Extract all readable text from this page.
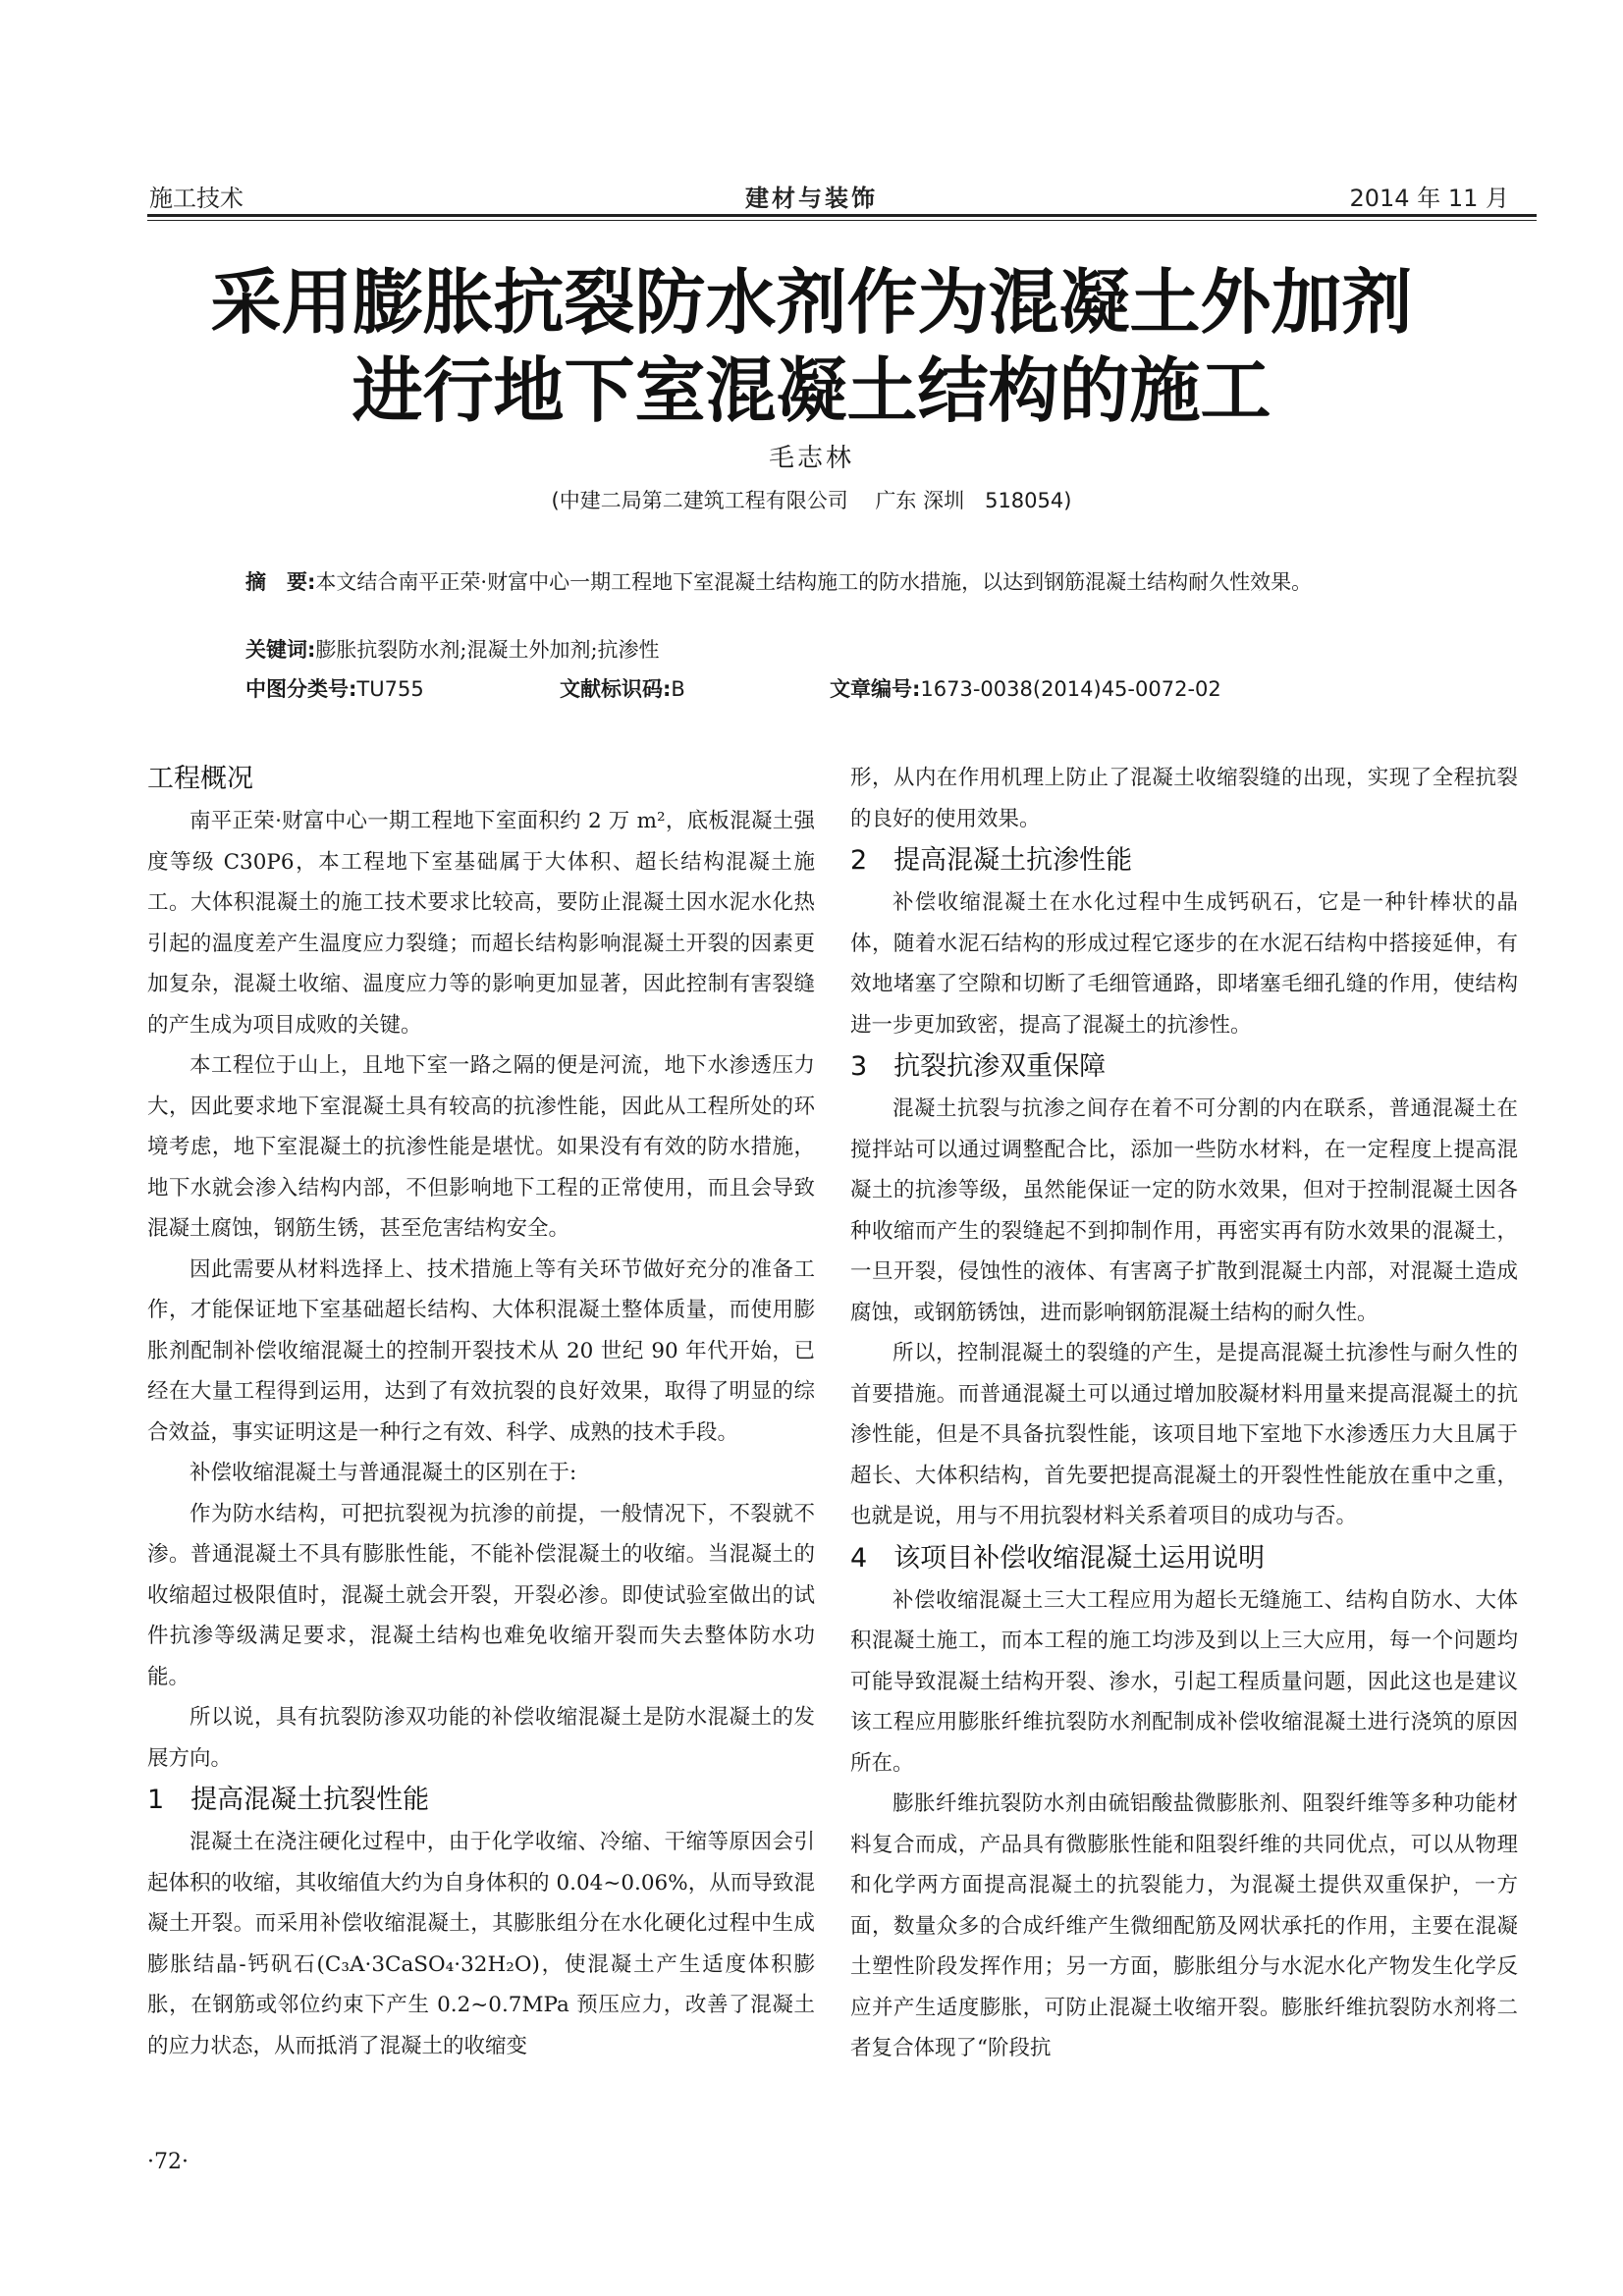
施工技术	建材与装饰	2014 年 11 月
采用膨胀抗裂防水剂作为混凝土外加剂
进行地下室混凝土结构的施工
毛志林
(中建二局第二建筑工程有限公司　 广东 深圳　518054)
摘　要:本文结合南平正荣·财富中心一期工程地下室混凝土结构施工的防水措施，以达到钢筋混凝土结构耐久性效果。
关键词:膨胀抗裂防水剂;混凝土外加剂;抗渗性
中图分类号:TU755	文献标识码:B	文章编号:1673-0038(2014)45-0072-02
工程概况

南平正荣·财富中心一期工程地下室面积约 2 万 m²，底板混凝土强度等级 C30P6，本工程地下室基础属于大体积、超长结构混凝土施工。大体积混凝土的施工技术要求比较高，要防止混凝土因水泥水化热引起的温度差产生温度应力裂缝；而超长结构影响混凝土开裂的因素更加复杂，混凝土收缩、温度应力等的影响更加显著，因此控制有害裂缝的产生成为项目成败的关键。

本工程位于山上，且地下室一路之隔的便是河流，地下水渗透压力大，因此要求地下室混凝土具有较高的抗渗性能，因此从工程所处的环境考虑，地下室混凝土的抗渗性能是堪忧。如果没有有效的防水措施，地下水就会渗入结构内部，不但影响地下工程的正常使用，而且会导致混凝土腐蚀，钢筋生锈，甚至危害结构安全。

因此需要从材料选择上、技术措施上等有关环节做好充分的准备工作，才能保证地下室基础超长结构、大体积混凝土整体质量，而使用膨胀剂配制补偿收缩混凝土的控制开裂技术从 20 世纪 90 年代开始，已经在大量工程得到运用，达到了有效抗裂的良好效果，取得了明显的综合效益，事实证明这是一种行之有效、科学、成熟的技术手段。

补偿收缩混凝土与普通混凝土的区别在于:

作为防水结构，可把抗裂视为抗渗的前提，一般情况下，不裂就不渗。普通混凝土不具有膨胀性能，不能补偿混凝土的收缩。当混凝土的收缩超过极限值时，混凝土就会开裂，开裂必渗。即使试验室做出的试件抗渗等级满足要求，混凝土结构也难免收缩开裂而失去整体防水功能。

所以说，具有抗裂防渗双功能的补偿收缩混凝土是防水混凝土的发展方向。

1　提高混凝土抗裂性能

混凝土在浇注硬化过程中，由于化学收缩、冷缩、干缩等原因会引起体积的收缩，其收缩值大约为自身体积的 0.04~0.06%，从而导致混凝土开裂。而采用补偿收缩混凝土，其膨胀组分在水化硬化过程中生成膨胀结晶-钙矾石(C₃A·3CaSO₄·32H₂O)，使混凝土产生适度体积膨胀，在钢筋或邻位约束下产生 0.2~0.7MPa 预压应力，改善了混凝土的应力状态，从而抵消了混凝土的收缩变

形，从内在作用机理上防止了混凝土收缩裂缝的出现，实现了全程抗裂的良好的使用效果。

2　提高混凝土抗渗性能

补偿收缩混凝土在水化过程中生成钙矾石，它是一种针棒状的晶体，随着水泥石结构的形成过程它逐步的在水泥石结构中搭接延伸，有效地堵塞了空隙和切断了毛细管通路，即堵塞毛细孔缝的作用，使结构进一步更加致密，提高了混凝土的抗渗性。

3　抗裂抗渗双重保障

混凝土抗裂与抗渗之间存在着不可分割的内在联系，普通混凝土在搅拌站可以通过调整配合比，添加一些防水材料，在一定程度上提高混凝土的抗渗等级，虽然能保证一定的防水效果，但对于控制混凝土因各种收缩而产生的裂缝起不到抑制作用，再密实再有防水效果的混凝土，一旦开裂，侵蚀性的液体、有害离子扩散到混凝土内部，对混凝土造成腐蚀，或钢筋锈蚀，进而影响钢筋混凝土结构的耐久性。

所以，控制混凝土的裂缝的产生，是提高混凝土抗渗性与耐久性的首要措施。而普通混凝土可以通过增加胶凝材料用量来提高混凝土的抗渗性能，但是不具备抗裂性能，该项目地下室地下水渗透压力大且属于超长、大体积结构，首先要把提高混凝土的开裂性性能放在重中之重，也就是说，用与不用抗裂材料关系着项目的成功与否。

4　该项目补偿收缩混凝土运用说明

补偿收缩混凝土三大工程应用为超长无缝施工、结构自防水、大体积混凝土施工，而本工程的施工均涉及到以上三大应用，每一个问题均可能导致混凝土结构开裂、渗水，引起工程质量问题，因此这也是建议该工程应用膨胀纤维抗裂防水剂配制成补偿收缩混凝土进行浇筑的原因所在。

膨胀纤维抗裂防水剂由硫铝酸盐微膨胀剂、阻裂纤维等多种功能材料复合而成，产品具有微膨胀性能和阻裂纤维的共同优点，可以从物理和化学两方面提高混凝土的抗裂能力，为混凝土提供双重保护，一方面，数量众多的合成纤维产生微细配筋及网状承托的作用，主要在混凝土塑性阶段发挥作用；另一方面，膨胀组分与水泥水化产物发生化学反应并产生适度膨胀，可防止混凝土收缩开裂。膨胀纤维抗裂防水剂将二者复合体现了“阶段抗

·72·
